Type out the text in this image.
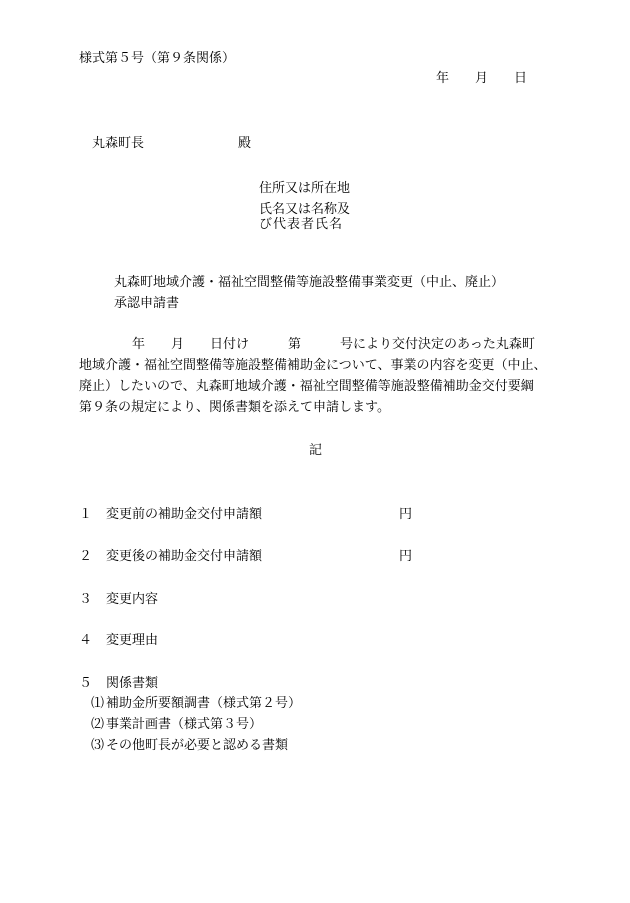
様式第５号（第９条関係）
年　　月　　日
丸森町長	殿
住所又は所在地
氏名又は名称及
び代表者氏名
丸森町地域介護・福祉空間整備等施設整備事業変更（中止、廃止）
承認申請書
年　　月　　日付け　　　第　　　号により交付決定のあった丸森町
地域介護・福祉空間整備等施設整備補助金について、事業の内容を変更（中止、
廃止）したいので、丸森町地域介護・福祉空間整備等施設整備補助金交付要綱
第９条の規定により、関係書類を添えて申請します。
記
１ 変更前の補助金交付申請額	円
２ 変更後の補助金交付申請額	円
３ 変更内容
４ 変更理由
５ 関係書類
⑴ 補助金所要額調書（様式第２号）
⑵ 事業計画書（様式第３号）
⑶ その他町長が必要と認める書類
